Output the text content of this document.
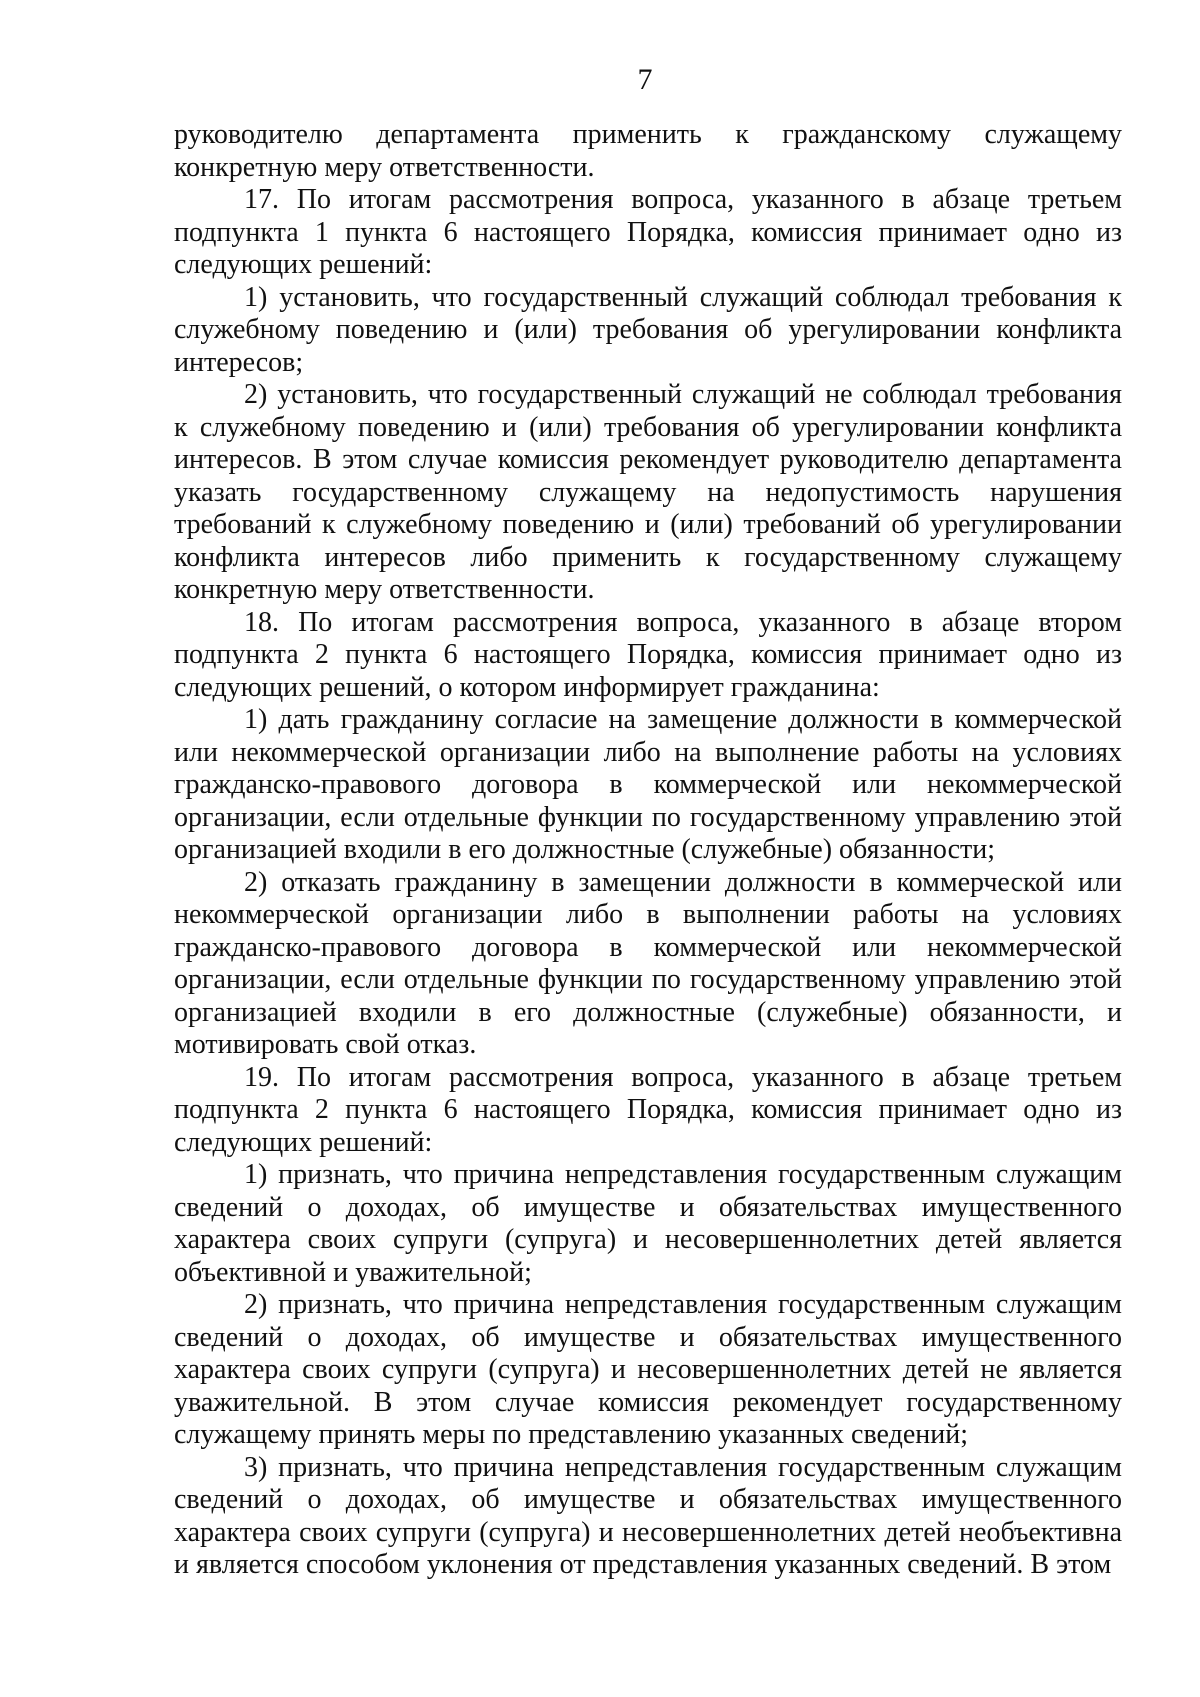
7

руководителю департамента применить к гражданскому служащему конкретную меру ответственности.

17. По итогам рассмотрения вопроса, указанного в абзаце третьем подпункта 1 пункта 6 настоящего Порядка, комиссия принимает одно из следующих решений:

1) установить, что государственный служащий соблюдал требования к служебному поведению и (или) требования об урегулировании конфликта интересов;

2) установить, что государственный служащий не соблюдал требования к служебному поведению и (или) требования об урегулировании конфликта интересов. В этом случае комиссия рекомендует руководителю департамента указать государственному служащему на недопустимость нарушения требований к служебному поведению и (или) требований об урегулировании конфликта интересов либо применить к государственному служащему конкретную меру ответственности.

18. По итогам рассмотрения вопроса, указанного в абзаце втором подпункта 2 пункта 6 настоящего Порядка, комиссия принимает одно из следующих решений, о котором информирует гражданина:

1) дать гражданину согласие на замещение должности в коммерческой или некоммерческой организации либо на выполнение работы на условиях гражданско-правового договора в коммерческой или некоммерческой организации, если отдельные функции по государственному управлению этой организацией входили в его должностные (служебные) обязанности;

2) отказать гражданину в замещении должности в коммерческой или некоммерческой организации либо в выполнении работы на условиях гражданско-правового договора в коммерческой или некоммерческой организации, если отдельные функции по государственному управлению этой организацией входили в его должностные (служебные) обязанности, и мотивировать свой отказ.

19. По итогам рассмотрения вопроса, указанного в абзаце третьем подпункта 2 пункта 6 настоящего Порядка, комиссия принимает одно из следующих решений:

1) признать, что причина непредставления государственным служащим сведений о доходах, об имуществе и обязательствах имущественного характера своих супруги (супруга) и несовершеннолетних детей является объективной и уважительной;

2) признать, что причина непредставления государственным служащим сведений о доходах, об имуществе и обязательствах имущественного характера своих супруги (супруга) и несовершеннолетних детей не является уважительной. В этом случае комиссия рекомендует государственному служащему принять меры по представлению указанных сведений;

3) признать, что причина непредставления государственным служащим сведений о доходах, об имуществе и обязательствах имущественного характера своих супруги (супруга) и несовершеннолетних детей необъективна и является способом уклонения от представления указанных сведений. В этом
